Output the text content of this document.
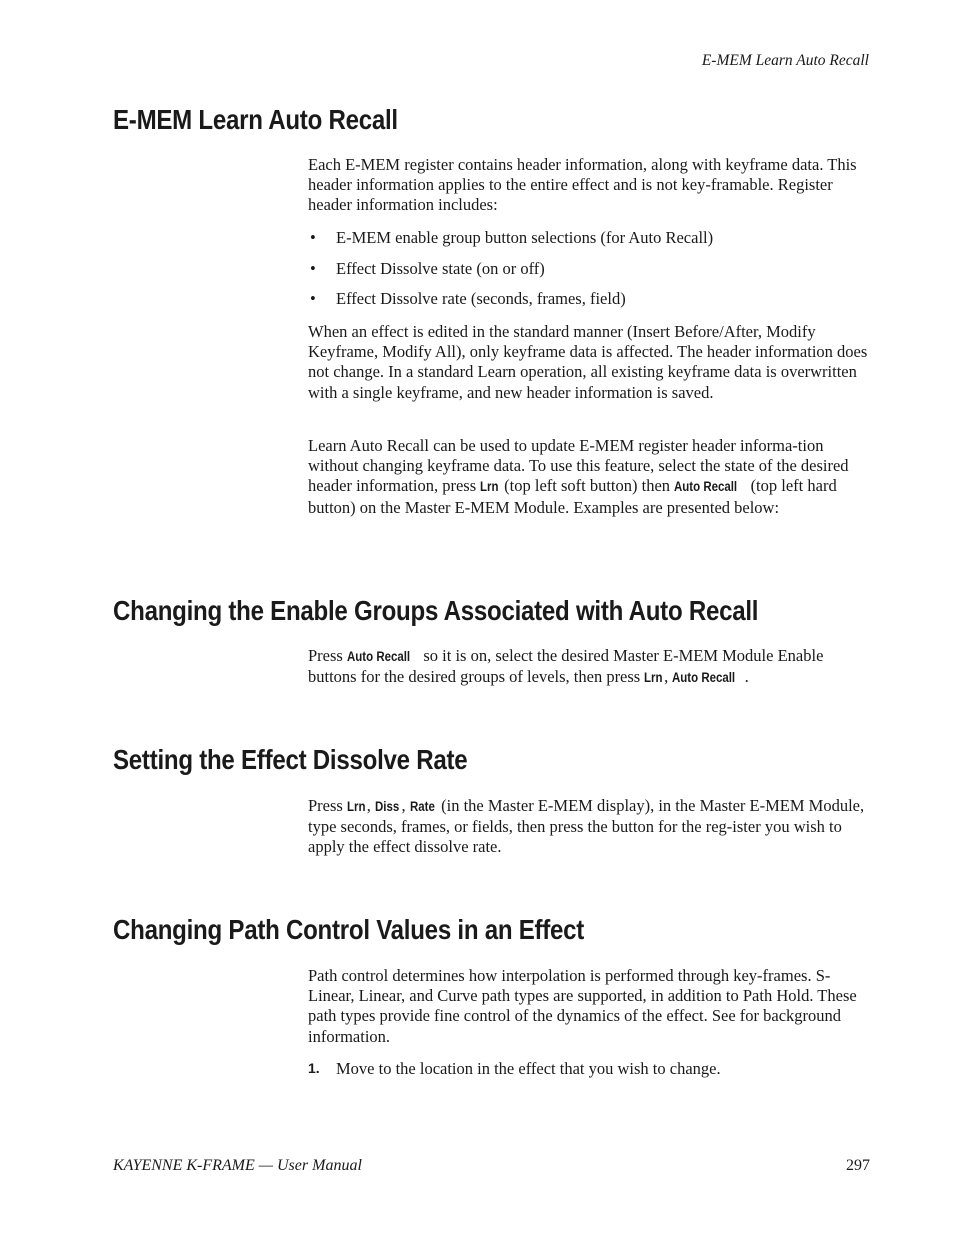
E-MEM Learn Auto Recall
E-MEM Learn Auto Recall

Each E-MEM register contains header information, along with keyframe data. This header information applies to the entire effect and is not key-framable. Register header information includes:

• E-MEM enable group button selections (for Auto Recall)
• Effect Dissolve state (on or off)
• Effect Dissolve rate (seconds, frames, field)

When an effect is edited in the standard manner (Insert Before/After, Modify Keyframe, Modify All), only keyframe data is affected. The header information does not change. In a standard Learn operation, all existing keyframe data is overwritten with a single keyframe, and new header information is saved.

Learn Auto Recall can be used to update E-MEM register header informa-tion without changing keyframe data. To use this feature, select the state of the desired header information, press Lrn (top left soft button) then Auto Recall (top left hard button) on the Master E-MEM Module. Examples are presented below:

Changing the Enable Groups Associated with Auto Recall

Press Auto Recall so it is on, select the desired Master E-MEM Module Enable buttons for the desired groups of levels, then press Lrn, Auto Recall .

Setting the Effect Dissolve Rate

Press Lrn, Diss , Rate (in the Master E-MEM display), in the Master E-MEM Module, type seconds, frames, or fields, then press the button for the reg-ister you wish to apply the effect dissolve rate.

Changing Path Control Values in an Effect

Path control determines how interpolation is performed through key-frames. S-Linear, Linear, and Curve path types are supported, in addition to Path Hold. These path types provide fine control of the dynamics of the effect. See for background information.

1. Move to the location in the effect that you wish to change.
KAYENNE K-FRAME — User Manual	297
